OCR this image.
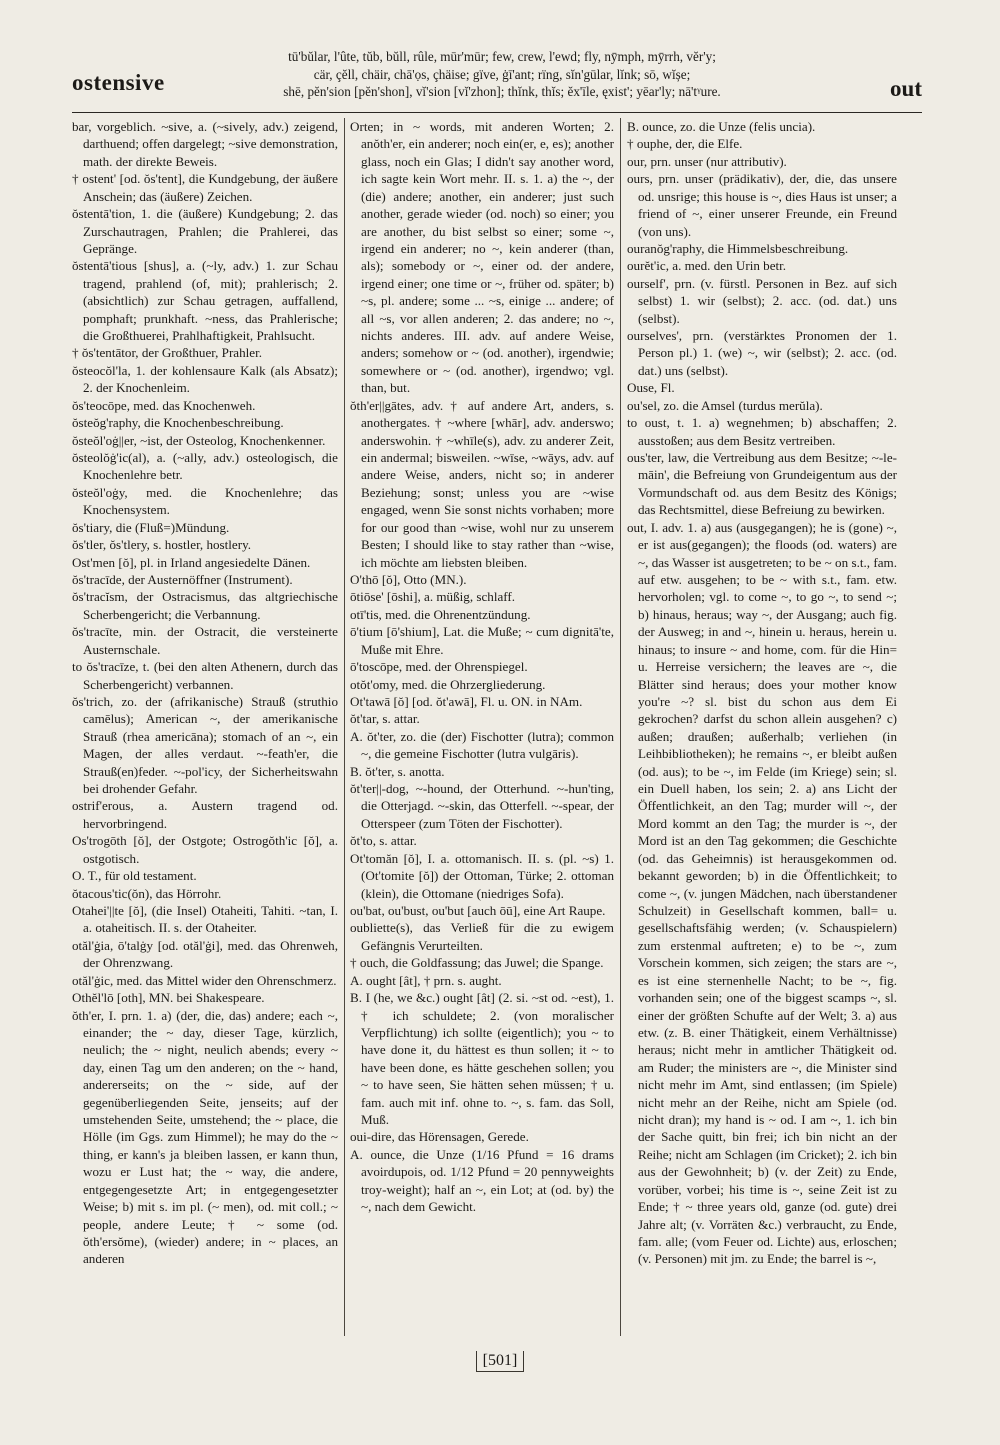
ostensive
tū'bŭlar, l'ûte, tŭb, bŭll, rûle, mūr'mūr; few, crew, l'ewd; fly, nȳmph, mȳrrh, vĕr'y;
cär, çĕll, chäir, chā'ọs, çhäise; gïve, ġī'ant; rïng, sĭn'gūlar, lĭnk; sō, wĭșe;
shē, pĕn'sion [pĕn'shon], vĭ'sion [vĭ'zhon]; thĭnk, thĭs; ĕx'īle, ęxist'; yēar'ly; nā'tᵞure.	out

bar, vorgeblich. ~sive, a. (~sively, adv.) zeigend, darthuend; offen dargelegt; ~sive demonstration, math. der direkte Beweis.

† ostent' [od. ŏs'tent], die Kundgebung, der äußere Anschein; das (äußere) Zeichen.

ŏstentā'tion, 1. die (äußere) Kundgebung; 2. das Zurschautragen, Prahlen; die Prahlerei, das Gepränge.

ŏstentā'tious [shus], a. (~ly, adv.) 1. zur Schau tragend, prahlend (of, mit); prahlerisch; 2. (absichtlich) zur Schau getragen, auffallend, pomphaft; prunkhaft. ~ness, das Prahlerische; die Großthuerei, Prahlhaftigkeit, Prahlsucht.

† ŏs'tentātor, der Großthuer, Prahler.

ŏsteocŏl'la, 1. der kohlensaure Kalk (als Absatz); 2. der Knochenleim.

ŏs'teocōpe, med. das Knochenweh.

ŏsteŏg'raphy, die Knochenbeschreibung.

ŏsteŏl'oġ||er, ~ist, der Osteolog, Knochenkenner.

ŏsteolŏġ'ic(al), a. (~ally, adv.) osteologisch, die Knochenlehre betr.

ŏsteŏl'oġy, med. die Knochenlehre; das Knochensystem.

ŏs'tiary, die (Fluß=)Mündung.

ŏs'tler, ŏs'tlery, s. hostler, hostlery.

Ost'men [ŏ], pl. in Irland angesiedelte Dänen.

ŏs'tracīde, der Austernöffner (Instrument).

ŏs'tracĭsm, der Ostracismus, das altgriechische Scherbengericht; die Verbannung.

ŏs'tracīte, min. der Ostracit, die versteinerte Austernschale.

to ŏs'tracīze, t. (bei den alten Athenern, durch das Scherbengericht) verbannen.

ŏs'trich, zo. der (afrikanische) Strauß (struthio camēlus); American ~, der amerikanische Strauß (rhea americāna); stomach of an ~, ein Magen, der alles verdaut. ~-feath'er, die Strauß(en)feder. ~-pol'icy, der Sicherheitswahn bei drohender Gefahr.

ostrif'erous, a. Austern tragend od. hervorbringend.

Os'trogōth [ŏ], der Ostgote; Ostrogŏth'ic [ŏ], a. ostgotisch.

O. T., für old testament.

ŏtacous'tic(ŏn), das Hörrohr.

Otahei'||te [ŏ], (die Insel) Otaheiti, Tahiti. ~tan, I. a. otaheitisch. II. s. der Otaheiter.

otăl'ġia, ō'talġy [od. otăl'ġi], med. das Ohrenweh, der Ohrenzwang.

otăl'ġic, med. das Mittel wider den Ohrenschmerz.

Othĕl'lō [oth], MN. bei Shakespeare.

ŏth'er, I. prn. 1. a) (der, die, das) andere; each ~, einander; the ~ day, dieser Tage, kürzlich, neulich; the ~ night, neulich abends; every ~ day, einen Tag um den anderen; on the ~ hand, andererseits; on the ~ side, auf der gegenüberliegenden Seite, jenseits; auf der umstehenden Seite, umstehend; the ~ place, die Hölle (im Ggs. zum Himmel); he may do the ~ thing, er kann's ja bleiben lassen, er kann thun, wozu er Lust hat; the ~ way, die andere, entgegengesetzte Art; in entgegengesetzter Weise; b) mit s. im pl. (~ men), od. mit coll.; ~ people, andere Leute; † ~ some (od. ŏth'ersŏme), (wieder) andere; in ~ places, an anderen

Orten; in ~ words, mit anderen Worten; 2. anŏth'er, ein anderer; noch ein(er, e, es); another glass, noch ein Glas; I didn't say another word, ich sagte kein Wort mehr. II. s. 1. a) the ~, der (die) andere; another, ein anderer; just such another, gerade wieder (od. noch) so einer; you are another, du bist selbst so einer; some ~, irgend ein anderer; no ~, kein anderer (than, als); somebody or ~, einer od. der andere, irgend einer; one time or ~, früher od. später; b) ~s, pl. andere; some ... ~s, einige ... andere; of all ~s, vor allen anderen; 2. das andere; no ~, nichts anderes. III. adv. auf andere Weise, anders; somehow or ~ (od. another), irgendwie; somewhere or ~ (od. another), irgendwo; vgl. than, but.

ŏth'er||gātes, adv. † auf andere Art, anders, s. anothergates. † ~where [whār], adv. anderswo; anderswohin. † ~whīle(s), adv. zu anderer Zeit, ein andermal; bisweilen. ~wīse, ~wāys, adv. auf andere Weise, anders, nicht so; in anderer Beziehung; sonst; unless you are ~wise engaged, wenn Sie sonst nichts vorhaben; more for our good than ~wise, wohl nur zu unserem Besten; I should like to stay rather than ~wise, ich möchte am liebsten bleiben.

O'thō [ŏ], Otto (MN.).

ōtiōse' [ōshi], a. müßig, schlaff.

otī'tis, med. die Ohrenentzündung.

ō'tium [ō'shium], Lat. die Muße; ~ cum dignitā'te, Muße mit Ehre.

ō'toscōpe, med. der Ohrenspiegel.

otŏt'omy, med. die Ohrzergliederung.

Ot'tawā [ŏ] [od. ŏt'awā], Fl. u. ON. in NAm.

ŏt'tar, s. attar.

A. ŏt'ter, zo. die (der) Fischotter (lutra); common ~, die gemeine Fischotter (lutra vulgāris).

B. ŏt'ter, s. anotta.

ŏt'ter||-dog, ~-hound, der Otterhund. ~-hun'ting, die Otterjagd. ~-skin, das Otterfell. ~-spear, der Otterspeer (zum Töten der Fischotter).

ŏt'to, s. attar.

Ot'tomăn [ŏ], I. a. ottomanisch. II. s. (pl. ~s) 1. (Ot'tomite [ŏ]) der Ottoman, Türke; 2. ottoman (klein), die Ottomane (niedriges Sofa).

ou'bat, ou'bust, ou'but [auch ōū], eine Art Raupe.

oubliette(s), das Verließ für die zu ewigem Gefängnis Verurteilten.

† ouch, die Goldfassung; das Juwel; die Spange.

A. ought [ât], † prn. s. aught.

B. I (he, we &c.) ought [ât] (2. si. ~st od. ~est), 1. † ich schuldete; 2. (von moralischer Verpflichtung) ich sollte (eigentlich); you ~ to have done it, du hättest es thun sollen; it ~ to have been done, es hätte geschehen sollen; you ~ to have seen, Sie hätten sehen müssen; † u. fam. auch mit inf. ohne to. ~, s. fam. das Soll, Muß.

oui-dire, das Hörensagen, Gerede.

A. ounce, die Unze (1/16 Pfund = 16 drams avoirdupois, od. 1/12 Pfund = 20 pennyweights troy-weight); half an ~, ein Lot; at (od. by) the ~, nach dem Gewicht.

B. ounce, zo. die Unze (felis uncia).

† ouphe, der, die Elfe.

our, prn. unser (nur attributiv).

ours, prn. unser (prädikativ), der, die, das unsere od. unsrige; this house is ~, dies Haus ist unser; a friend of ~, einer unserer Freunde, ein Freund (von uns).

ouranŏg'raphy, die Himmelsbeschreibung.

ourĕt'ic, a. med. den Urin betr.

ourself', prn. (v. fürstl. Personen in Bez. auf sich selbst) 1. wir (selbst); 2. acc. (od. dat.) uns (selbst).

ourselves', prn. (verstärktes Pronomen der 1. Person pl.) 1. (we) ~, wir (selbst); 2. acc. (od. dat.) uns (selbst).

Ouse, Fl.

ou'sel, zo. die Amsel (turdus merŭla).

to oust, t. 1. a) wegnehmen; b) abschaffen; 2. ausstoßen; aus dem Besitz vertreiben.

ous'ter, law, die Vertreibung aus dem Besitze; ~-le-māin', die Befreiung von Grundeigentum aus der Vormundschaft od. aus dem Besitz des Königs; das Rechtsmittel, diese Befreiung zu bewirken.

out, I. adv. 1. a) aus (ausgegangen); he is (gone) ~, er ist aus(gegangen); the floods (od. waters) are ~, das Wasser ist ausgetreten; to be ~ on s.t., fam. auf etw. ausgehen; to be ~ with s.t., fam. etw. hervorholen; vgl. to come ~, to go ~, to send ~; b) hinaus, heraus; way ~, der Ausgang; auch fig. der Ausweg; in and ~, hinein u. heraus, herein u. hinaus; to insure ~ and home, com. für die Hin= u. Herreise versichern; the leaves are ~, die Blätter sind heraus; does your mother know you're ~? sl. bist du schon aus dem Ei gekrochen? darfst du schon allein ausgehen? c) außen; draußen; außerhalb; verliehen (in Leihbibliotheken); he remains ~, er bleibt außen (od. aus); to be ~, im Felde (im Kriege) sein; sl. ein Duell haben, los sein; 2. a) ans Licht der Öffentlichkeit, an den Tag; murder will ~, der Mord kommt an den Tag; the murder is ~, der Mord ist an den Tag gekommen; die Geschichte (od. das Geheimnis) ist herausgekommen od. bekannt geworden; b) in die Öffentlichkeit; to come ~, (v. jungen Mädchen, nach überstandener Schulzeit) in Gesellschaft kommen, ball= u. gesellschaftsfähig werden; (v. Schauspielern) zum erstenmal auftreten; e) to be ~, zum Vorschein kommen, sich zeigen; the stars are ~, es ist eine sternenhelle Nacht; to be ~, fig. vorhanden sein; one of the biggest scamps ~, sl. einer der größten Schufte auf der Welt; 3. a) aus etw. (z. B. einer Thätigkeit, einem Verhältnisse) heraus; nicht mehr in amtlicher Thätigkeit od. am Ruder; the ministers are ~, die Minister sind nicht mehr im Amt, sind entlassen; (im Spiele) nicht mehr an der Reihe, nicht am Spiele (od. nicht dran); my hand is ~ od. I am ~, 1. ich bin der Sache quitt, bin frei; ich bin nicht an der Reihe; nicht am Schlagen (im Cricket); 2. ich bin aus der Gewohnheit; b) (v. der Zeit) zu Ende, vorüber, vorbei; his time is ~, seine Zeit ist zu Ende; † ~ three years old, ganze (od. gute) drei Jahre alt; (v. Vorräten &c.) verbraucht, zu Ende, fam. alle; (vom Feuer od. Lichte) aus, erloschen; (v. Personen) mit jm. zu Ende; the barrel is ~,

[501]
